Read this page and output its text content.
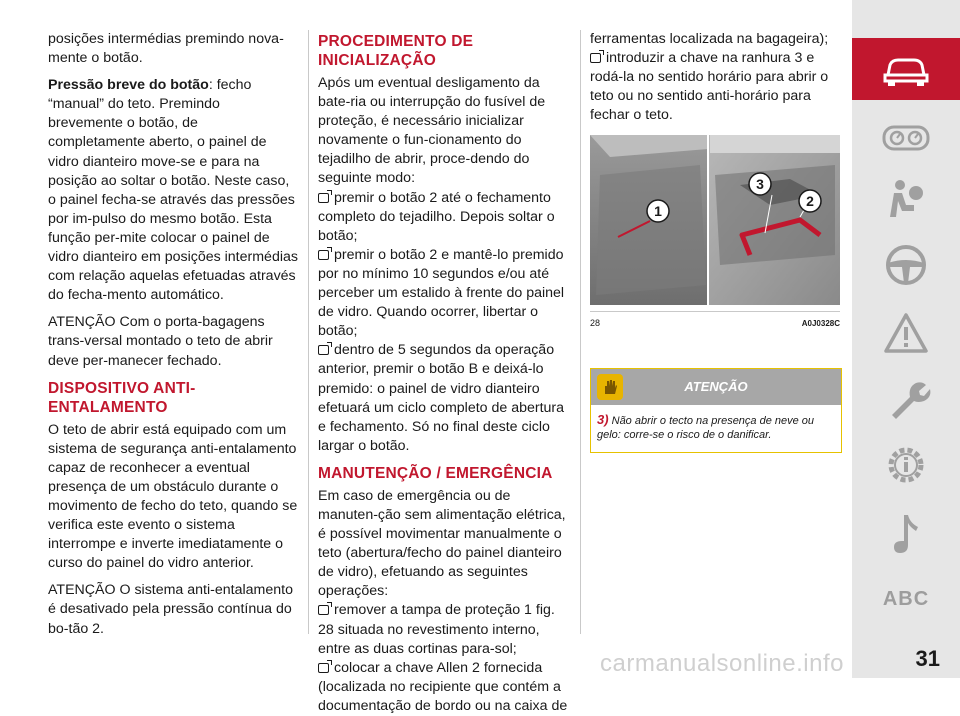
posições intermédias premindo nova-mente o botão.

Pressão breve do botão: fecho “manual” do teto. Premindo brevemente o botão, de completamente aberto, o painel de vidro dianteiro move-se e para na posição ao soltar o botão. Neste caso, o painel fecha-se através das pressões por im-pulso do mesmo botão. Esta função per-mite colocar o painel de vidro dianteiro em posições intermédias com relação aquelas efetuadas através do fecha-mento automático.

ATENÇÃO Com o porta-bagagens trans-versal montado o teto de abrir deve per-manecer fechado.

DISPOSITIVO ANTI-ENTALAMENTO

O teto de abrir está equipado com um sistema de segurança anti-entalamento capaz de reconhecer a eventual presença de um obstáculo durante o movimento de fecho do teto, quando se verifica este evento o sistema interrompe e inverte imediatamente o curso do painel do vidro anterior.

ATENÇÃO O sistema anti-entalamento é desativado pela pressão contínua do bo-tão 2.

PROCEDIMENTO DE INICIALIZAÇÃO

Após um eventual desligamento da bate-ria ou interrupção do fusível de proteção, é necessário inicializar novamente o fun-cionamento do tejadilho de abrir, proce-dendo do seguinte modo:

premir o botão 2 até o fechamento completo do tejadilho. Depois soltar o botão;
premir o botão 2 e mantê-lo premido por no mínimo 10 segundos e/ou até perceber um estalido à frente do painel de vidro. Quando ocorrer, libertar o botão;
dentro de 5 segundos da operação anterior, premir o botão B e deixá-lo premido: o painel de vidro dianteiro efetuará um ciclo completo de abertura e fechamento. Só no final deste ciclo largar o botão.
MANUTENÇÃO / EMERGÊNCIA

Em caso de emergência ou de manuten-ção sem alimentação elétrica, é possível movimentar manualmente o teto (abertura/fecho do painel dianteiro de vidro), efetuando as seguintes operações:

remover a tampa de proteção 1 fig. 28 situada no revestimento interno, entre as duas cortinas para-sol;
colocar a chave Allen 2 fornecida (localizada no recipiente que contém a documentação de bordo ou na caixa de
ferramentas localizada na bagageira);
introduzir a chave na ranhura 3 e rodá-la no sentido horário para abrir o teto ou no sentido anti-horário para fechar o teto.
1
3
2
28	A0J0328C
ATENÇÃO
3) Não abrir o tecto na presença de neve ou gelo: corre-se o risco de o danificar.
ABC
carmanualsonline.info	31
